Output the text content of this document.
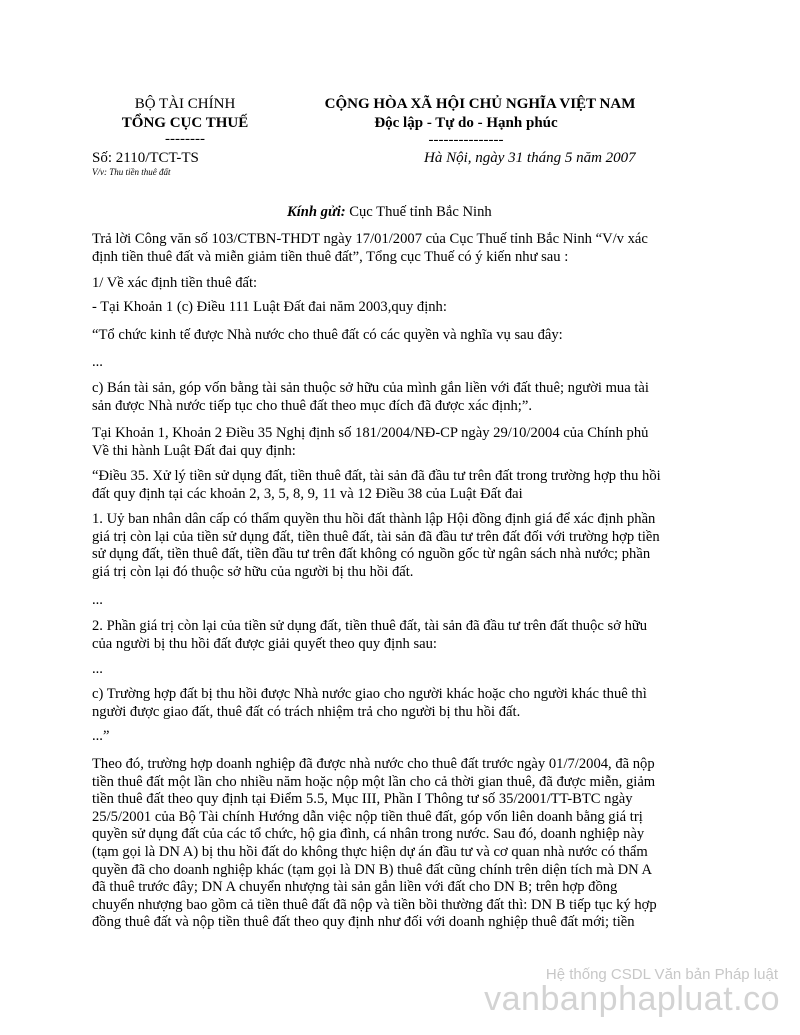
BỘ TÀI CHÍNH
TỔNG CỤC THUẾ
--------
Số: 2110/TCT-TS
V/v: Thu tiền thuê đất
CỘNG HÒA XÃ HỘI CHỦ NGHĨA VIỆT NAM
Độc lập - Tự do - Hạnh phúc
---------------
Hà Nội, ngày 31 tháng 5 năm 2007
Kính gửi: Cục Thuế tỉnh Bắc Ninh
Trả lời Công văn số 103/CTBN-THDT ngày 17/01/2007 của Cục Thuế tỉnh Bắc Ninh “V/v xác
định tiền thuê đất và miễn giảm tiền thuê đất”, Tổng cục Thuế có ý kiến như sau :
1/ Về xác định tiền thuê đất:
- Tại Khoản 1 (c) Điều 111 Luật Đất đai năm 2003,quy định:
“Tổ chức kinh tế được Nhà nước cho thuê đất có các quyền và nghĩa vụ sau đây:
...
c) Bán tài sản, góp vốn bằng tài sản thuộc sở hữu của mình gắn liền với đất thuê; người mua tài
sản được Nhà nước tiếp tục cho thuê đất theo mục đích đã được xác định;”.
Tại Khoản 1, Khoản 2 Điều 35 Nghị định số 181/2004/NĐ-CP ngày 29/10/2004 của Chính phủ
Về thi hành Luật Đất đai quy định:
“Điều 35. Xử lý tiền sử dụng đất, tiền thuê đất, tài sản đã đầu tư trên đất trong trường hợp thu hồi
đất quy định tại các khoản 2, 3, 5, 8, 9, 11 và 12 Điều 38 của Luật Đất đai
1. Uỷ ban nhân dân cấp có thẩm quyền thu hồi đất thành lập Hội đồng định giá để xác định phần
giá trị còn lại của tiền sử dụng đất, tiền thuê đất, tài sản đã đầu tư trên đất đối với trường hợp tiền
sử dụng đất, tiền thuê đất, tiền đầu tư trên đất không có nguồn gốc từ ngân sách nhà nước; phần
giá trị còn lại đó thuộc sở hữu của người bị thu hồi đất.
...
2. Phần giá trị còn lại của tiền sử dụng đất, tiền thuê đất, tài sản đã đầu tư trên đất thuộc sở hữu
của người bị thu hồi đất được giải quyết theo quy định sau:
...
c) Trường hợp đất bị thu hồi được Nhà nước giao cho người khác hoặc cho người khác thuê thì
người được giao đất, thuê đất có trách nhiệm trả cho người bị thu hồi đất.
...”
Theo đó, trường hợp doanh nghiệp đã được nhà nước cho thuê đất trước ngày 01/7/2004, đã nộp
tiền thuê đất một lần cho nhiều năm hoặc nộp một lần cho cả thời gian thuê, đã được miễn, giảm
tiền thuê đất theo quy định tại Điểm 5.5, Mục III, Phần I Thông tư số 35/2001/TT-BTC ngày
25/5/2001 của Bộ Tài chính Hướng dẫn việc nộp tiền thuê đất, góp vốn liên doanh bằng giá trị
quyền sử dụng đất của các tổ chức, hộ gia đình, cá nhân trong nước. Sau đó, doanh nghiệp này
(tạm gọi là DN A) bị thu hồi đất do không thực hiện dự án đầu tư và cơ quan nhà nước có thẩm
quyền đã cho doanh nghiệp khác (tạm gọi là DN B) thuê đất cũng chính trên diện tích mà DN A
đã thuê trước đây; DN A chuyển nhượng tài sản gắn liền với đất cho DN B; trên hợp đồng
chuyển nhượng bao gồm cả tiền thuê đất đã nộp và tiền bồi thường đất thì: DN B tiếp tục ký hợp
đồng thuê đất và nộp tiền thuê đất theo quy định như đối với doanh nghiệp thuê đất mới; tiền
Hệ thống CSDL Văn bản Pháp luật
vanbanphapluat.co
